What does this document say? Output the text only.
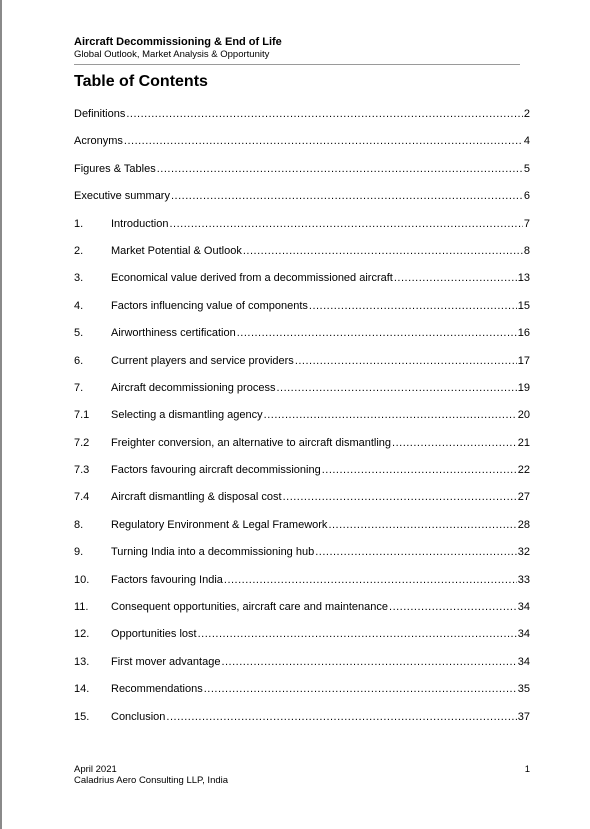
Aircraft Decommissioning & End of Life
Global Outlook, Market Analysis & Opportunity
Table of Contents
Definitions .....	2
Acronyms .....	4
Figures & Tables .....	5
Executive summary .....	6
1.	Introduction .....	7
2.	Market Potential & Outlook .....	8
3.	Economical value derived from a decommissioned aircraft .....	13
4.	Factors influencing value of components .....	15
5.	Airworthiness certification .....	16
6.	Current players and service providers .....	17
7.	Aircraft decommissioning process .....	19
7.1	Selecting a dismantling agency .....	20
7.2	Freighter conversion, an alternative to aircraft dismantling .....	21
7.3	Factors favouring aircraft decommissioning .....	22
7.4	Aircraft dismantling & disposal cost .....	27
8.	Regulatory Environment & Legal Framework .....	28
9.	Turning India into a decommissioning hub .....	32
10.	Factors favouring India .....	33
11.	Consequent opportunities, aircraft care and maintenance .....	34
12.	Opportunities lost .....	34
13.	First mover advantage .....	34
14.	Recommendations .....	35
15.	Conclusion .....	37
April 2021
Caladrius Aero Consulting LLP, India
1
